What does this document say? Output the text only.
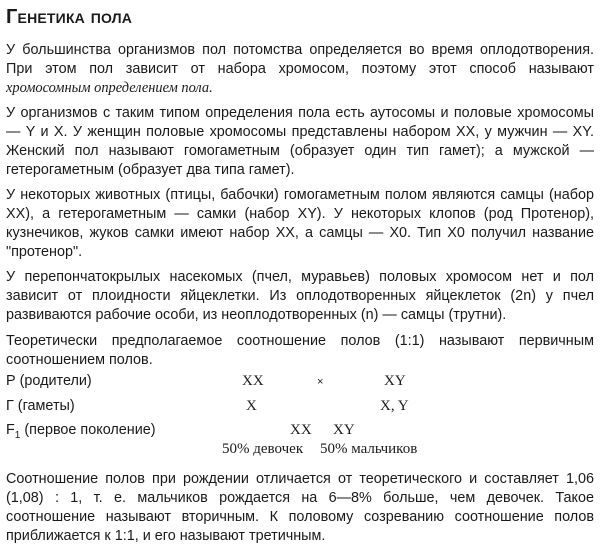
Генетика пола
У большинства организмов пол потомства определяется во время оплодотворения. При этом пол зависит от набора хромосом, поэтому этот способ называют хромосомным определением пола.
У организмов с таким типом определения пола есть аутосомы и половые хромосомы — Y и X. У женщин половые хромосомы представлены набором XX, у мужчин — XY. Женский пол называют гомогаметным (образует один тип гамет); а мужской — гетерогаметным (образует два типа гамет).
У некоторых животных (птицы, бабочки) гомогаметным полом являются самцы (набор XX), а гетерогаметным — самки (набор XY). У некоторых клопов (род Протенор), кузнечиков, жуков самки имеют набор XX, а самцы — X0. Тип X0 получил название "протенор".
У перепончатокрылых насекомых (пчел, муравьев) половых хромосом нет и пол зависит от плоидности яйцеклетки. Из оплодотворенных яйцеклеток (2n) у пчел развиваются рабочие особи, из неоплодотворенных (n) — самцы (трутни).
Теоретически предполагаемое соотношение полов (1:1) называют первичным соотношением полов.
Р (родители)	XX	×	XY
Г (гаметы)	X	X, Y
$F_1$ (первое поколение)	XX XY
50% девочек 50% мальчиков
Соотношение полов при рождении отличается от теоретического и составляет 1,06 (1,08) : 1, т. е. мальчиков рождается на 6—8% больше, чем девочек. Такое соотношение называют вторичным. К половому созреванию соотношение полов приближается к 1:1, и его называют третичным.
